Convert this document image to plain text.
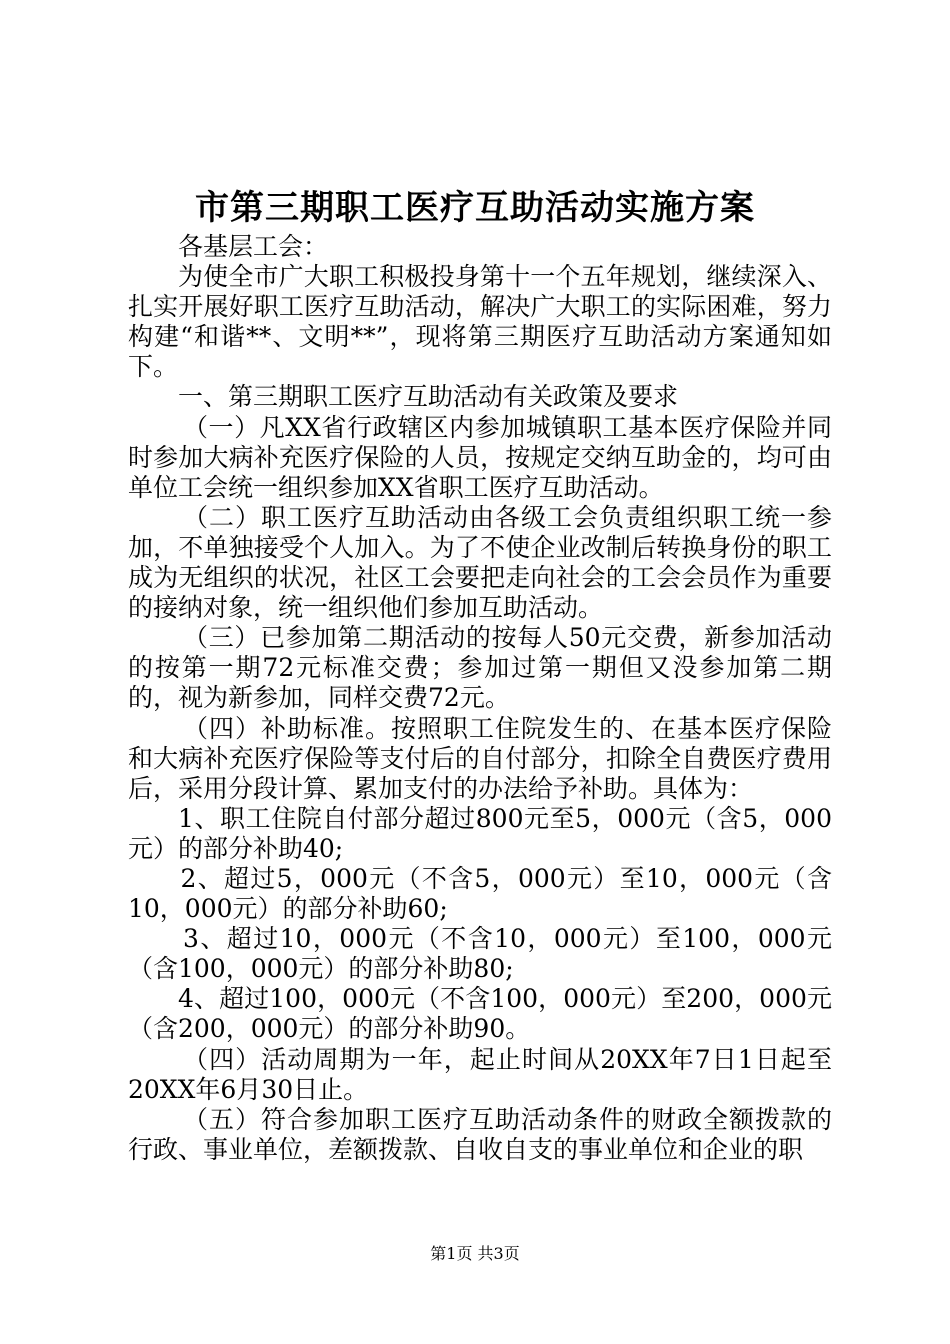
市第三期职工医疗互助活动实施方案

各基层工会：

为使全市广大职工积极投身第十一个五年规划，继续深入、扎实开展好职工医疗互助活动，解决广大职工的实际困难，努力构建“和谐**、文明**”，现将第三期医疗互助活动方案通知如下。

一、第三期职工医疗互助活动有关政策及要求

（一）凡XX省行政辖区内参加城镇职工基本医疗保险并同时参加大病补充医疗保险的人员，按规定交纳互助金的，均可由单位工会统一组织参加XX省职工医疗互助活动。

（二）职工医疗互助活动由各级工会负责组织职工统一参加，不单独接受个人加入。为了不使企业改制后转换身份的职工成为无组织的状况，社区工会要把走向社会的工会会员作为重要的接纳对象，统一组织他们参加互助活动。

（三）已参加第二期活动的按每人50元交费，新参加活动的按第一期72元标准交费；参加过第一期但又没参加第二期的，视为新参加，同样交费72元。

（四）补助标准。按照职工住院发生的、在基本医疗保险和大病补充医疗保险等支付后的自付部分，扣除全自费医疗费用后，采用分段计算、累加支付的办法给予补助。具体为：

1、职工住院自付部分超过800元至5，000元（含5，000元）的部分补助40;

2、超过5，000元（不含5，000元）至10，000元（含10，000元）的部分补助60;

3、超过10，000元（不含10，000元）至100，000元（含100，000元）的部分补助80;

4、超过100，000元（不含100，000元）至200，000元（含200，000元）的部分补助90。

（四）活动周期为一年，起止时间从20XX年7日1日起至20XX年6月30日止。

（五）符合参加职工医疗互助活动条件的财政全额拨款的行政、事业单位，差额拨款、自收自支的事业单位和企业的职

第1页 共3页
